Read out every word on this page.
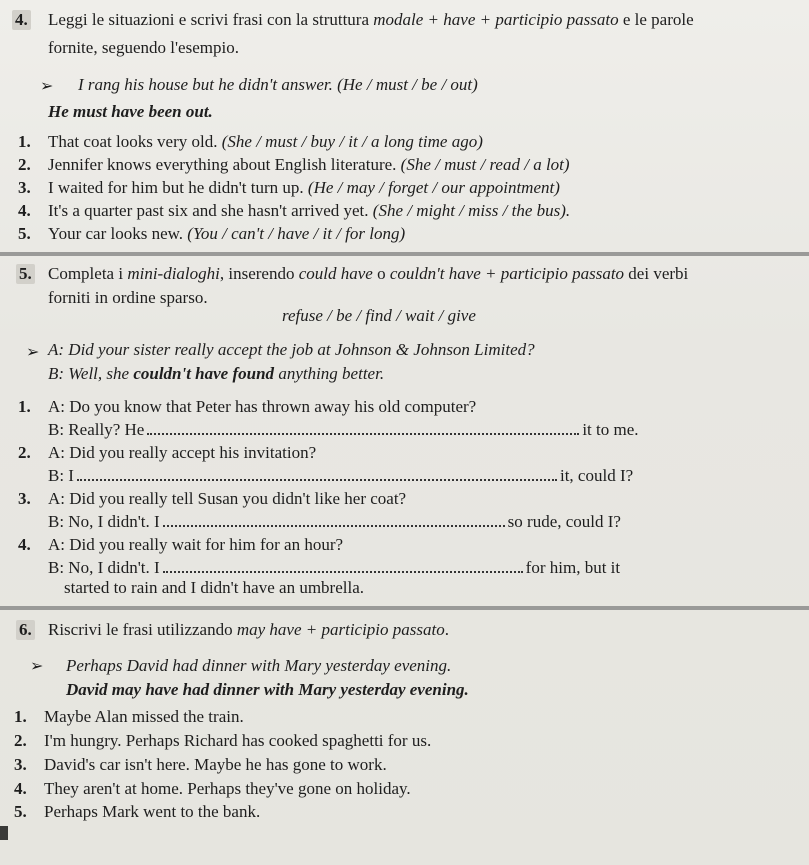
4. Leggi le situazioni e scrivi frasi con la struttura modale + have + participio passato e le parole
fornite, seguendo l'esempio.
➢ I rang his house but he didn't answer. (He / must / be / out)
He must have been out.
1. That coat looks very old. (She / must / buy / it / a long time ago)
2. Jennifer knows everything about English literature. (She / must / read / a lot)
3. I waited for him but he didn't turn up. (He / may / forget / our appointment)
4. It's a quarter past six and she hasn't arrived yet. (She / might / miss / the bus).
5. Your car looks new. (You / can't / have / it / for long)
5. Completa i mini-dialoghi, inserendo could have o couldn't have + participio passato dei verbi
forniti in ordine sparso.
refuse / be / find / wait / give
➢ A: Did your sister really accept the job at Johnson & Johnson Limited?
B: Well, she couldn't have found anything better.
1. A: Do you know that Peter has thrown away his old computer?
B: Really? He	it to me.
2. A: Did you really accept his invitation?
B: I	it, could I?
3. A: Did you really tell Susan you didn't like her coat?
B: No, I didn't. I	so rude, could I?
4. A: Did you really wait for him for an hour?
B: No, I didn't. I	for him, but it
started to rain and I didn't have an umbrella.
6. Riscrivi le frasi utilizzando may have + participio passato.
➢ Perhaps David had dinner with Mary yesterday evening.
David may have had dinner with Mary yesterday evening.
1. Maybe Alan missed the train.
2. I'm hungry. Perhaps Richard has cooked spaghetti for us.
3. David's car isn't here. Maybe he has gone to work.
4. They aren't at home. Perhaps they've gone on holiday.
5. Perhaps Mark went to the bank.
